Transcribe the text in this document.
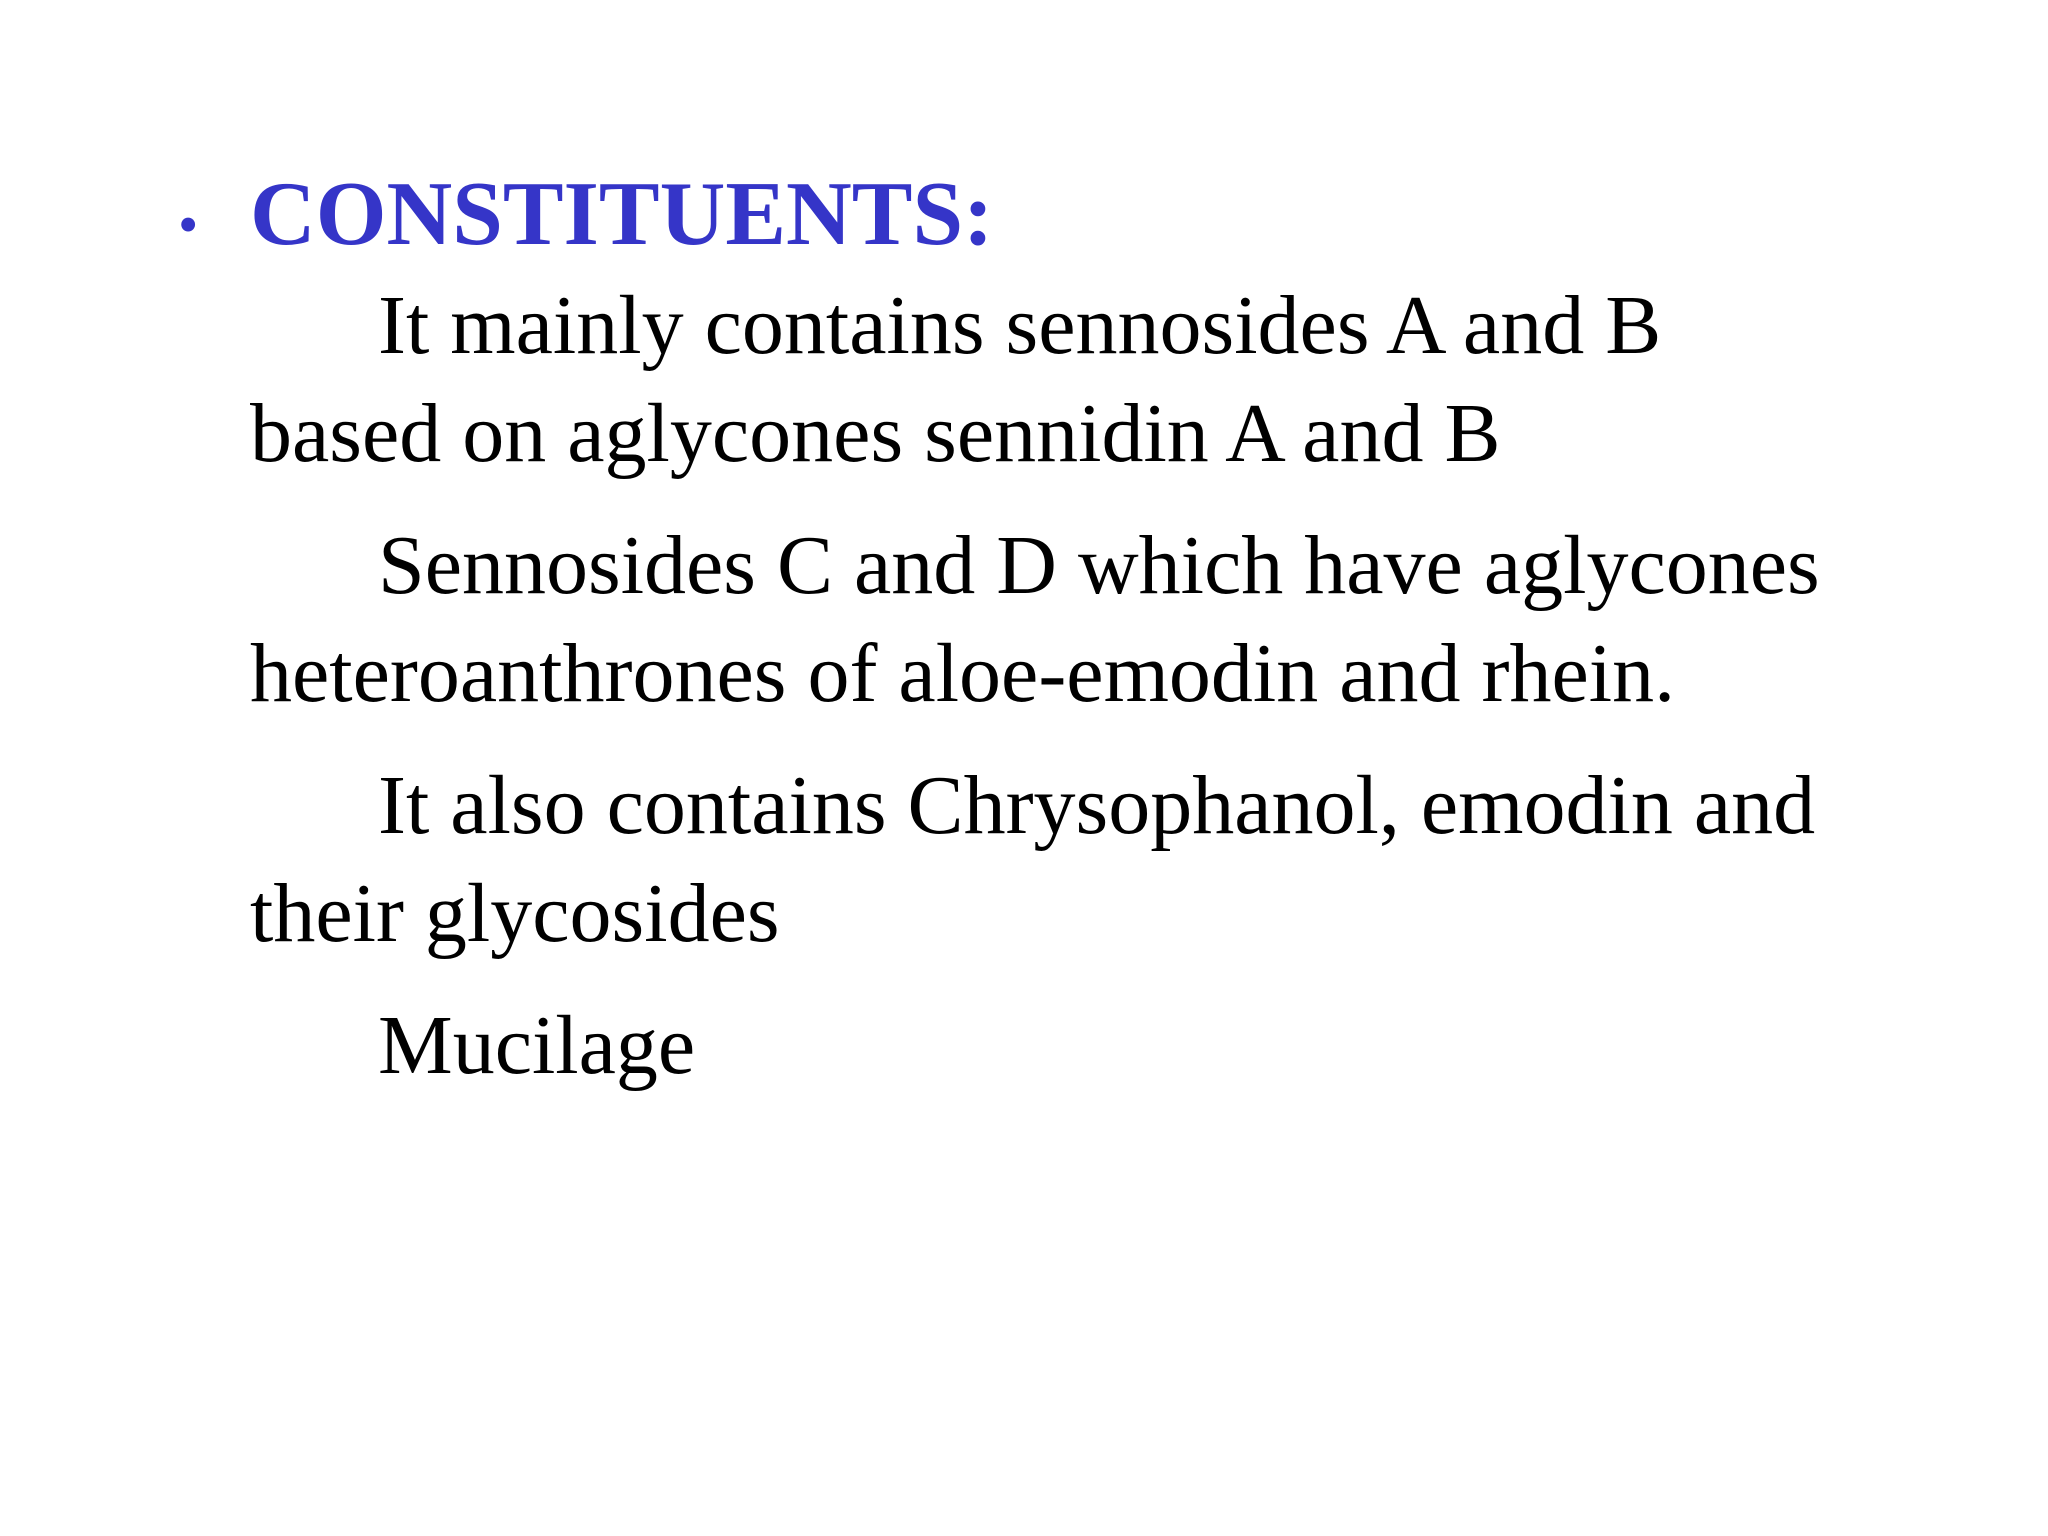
• CONSTITUENTS:

It mainly contains sennosides A and B based on aglycones sennidin A and B

Sennosides C and D which have aglycones heteroanthrones of aloe-emodin and rhein.

It also contains Chrysophanol, emodin and their glycosides

Mucilage
